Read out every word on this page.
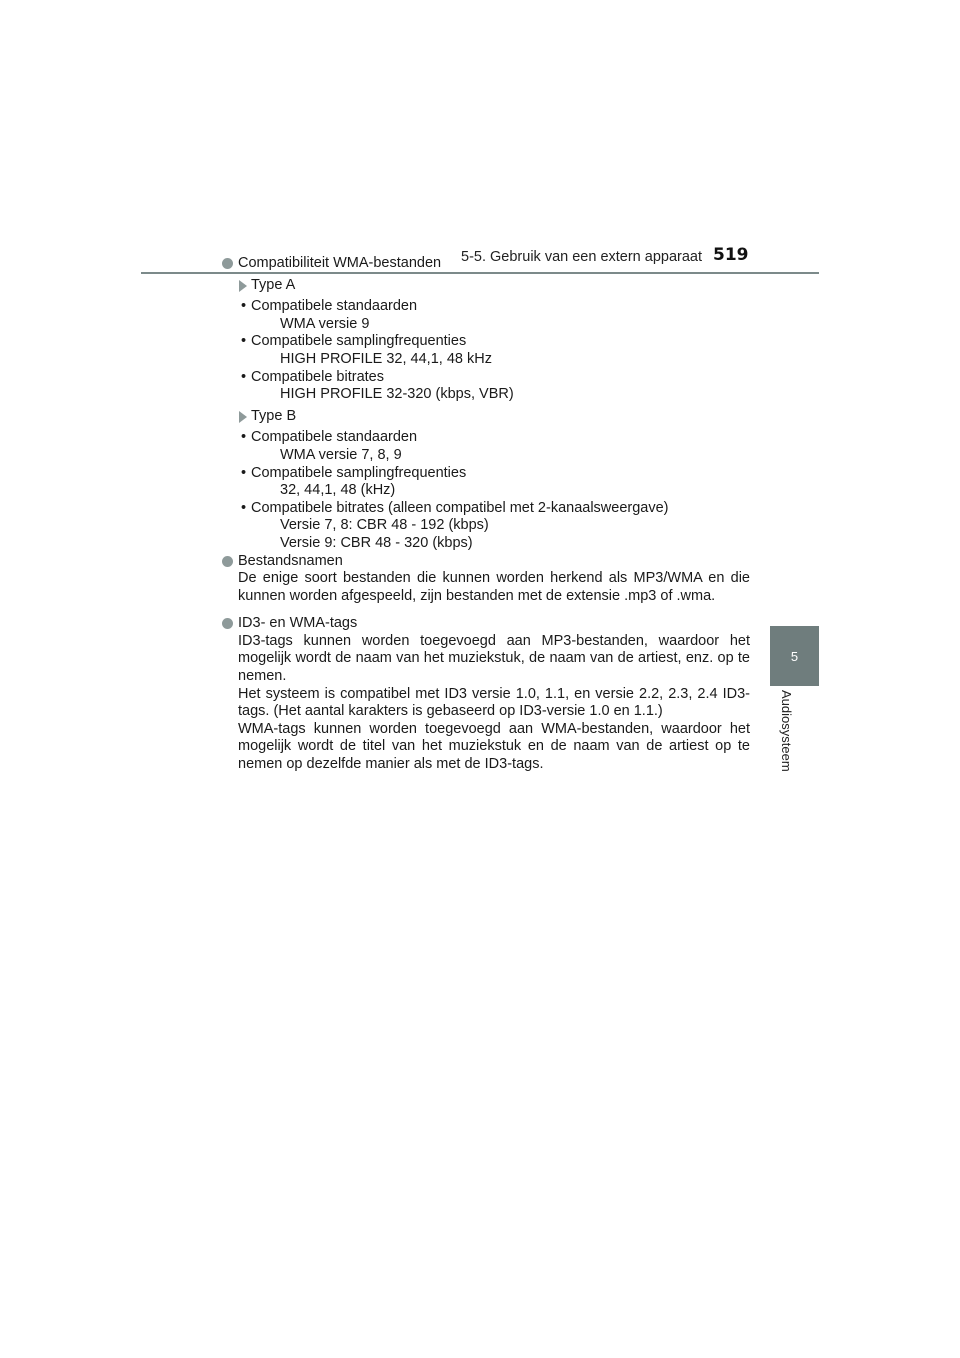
5-5. Gebruik van een extern apparaat 519
5
Audiosysteem
Compatibiliteit WMA-bestanden
Type A
• Compatibele standaarden
WMA versie 9
• Compatibele samplingfrequenties
HIGH PROFILE 32, 44,1, 48 kHz
• Compatibele bitrates
HIGH PROFILE 32-320 (kbps, VBR)
Type B
• Compatibele standaarden
WMA versie 7, 8, 9
• Compatibele samplingfrequenties
32, 44,1, 48 (kHz)
• Compatibele bitrates (alleen compatibel met 2-kanaalsweergave)
Versie 7, 8: CBR 48 - 192 (kbps)
Versie 9: CBR 48 - 320 (kbps)
Bestandsnamen
De enige soort bestanden die kunnen worden herkend als MP3/WMA en die kunnen worden afgespeeld, zijn bestanden met de extensie .mp3 of .wma.
ID3- en WMA-tags
ID3-tags kunnen worden toegevoegd aan MP3-bestanden, waardoor het mogelijk wordt de naam van het muziekstuk, de naam van de artiest, enz. op te nemen.
Het systeem is compatibel met ID3 versie 1.0, 1.1, en versie 2.2, 2.3, 2.4 ID3-tags. (Het aantal karakters is gebaseerd op ID3-versie 1.0 en 1.1.)
WMA-tags kunnen worden toegevoegd aan WMA-bestanden, waardoor het mogelijk wordt de titel van het muziekstuk en de naam van de artiest op te nemen op dezelfde manier als met de ID3-tags.
